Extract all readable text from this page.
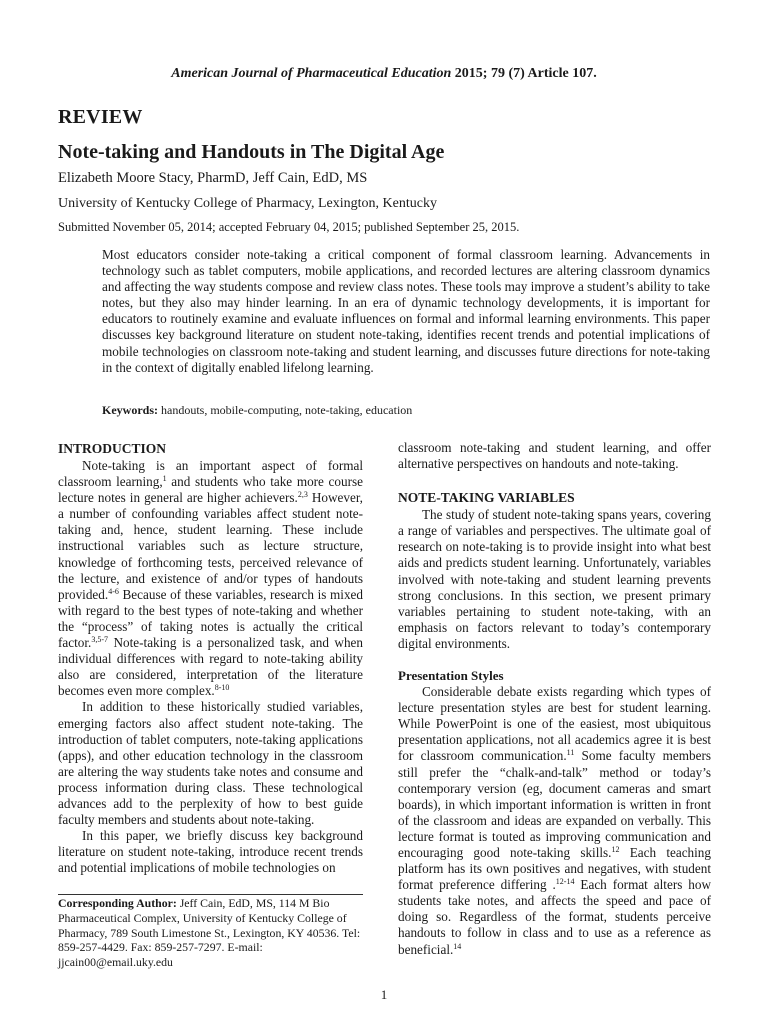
American Journal of Pharmaceutical Education 2015; 79 (7) Article 107.
REVIEW
Note-taking and Handouts in The Digital Age
Elizabeth Moore Stacy, PharmD, Jeff Cain, EdD, MS
University of Kentucky College of Pharmacy, Lexington, Kentucky
Submitted November 05, 2014; accepted February 04, 2015; published September 25, 2015.
Most educators consider note-taking a critical component of formal classroom learning. Advancements in technology such as tablet computers, mobile applications, and recorded lectures are altering classroom dynamics and affecting the way students compose and review class notes. These tools may improve a student’s ability to take notes, but they also may hinder learning. In an era of dynamic technology developments, it is important for educators to routinely examine and evaluate influences on formal and informal learning environments. This paper discusses key background literature on student note-taking, identifies recent trends and potential implications of mobile technologies on classroom note-taking and student learning, and discusses future directions for note-taking in the context of digitally enabled lifelong learning.
Keywords: handouts, mobile-computing, note-taking, education
INTRODUCTION

Note-taking is an important aspect of formal classroom learning,$^1$ and students who take more course lecture notes in general are higher achievers.$^{2,3}$ However, a number of confounding variables affect student note-taking and, hence, student learning. These include instructional variables such as lecture structure, knowledge of forthcoming tests, perceived relevance of the lecture, and existence of and/or types of handouts provided.$^{4-6}$ Because of these variables, research is mixed with regard to the best types of note-taking and whether the “process” of taking notes is actually the critical factor.$^{3,5-7}$ Note-taking is a personalized task, and when individual differences with regard to note-taking ability also are considered, interpretation of the literature becomes even more complex.$^{8-10}$

In addition to these historically studied variables, emerging factors also affect student note-taking. The introduction of tablet computers, note-taking applications (apps), and other education technology in the classroom are altering the way students take notes and consume and process information during class. These technological advances add to the perplexity of how to best guide faculty members and students about note-taking.

In this paper, we briefly discuss key background literature on student note-taking, introduce recent trends and potential implications of mobile technologies on

Corresponding Author: Jeff Cain, EdD, MS, 114 M Bio Pharmaceutical Complex, University of Kentucky College of Pharmacy, 789 South Limestone St., Lexington, KY 40536. Tel: 859-257-4429. Fax: 859-257-7297. E-mail: jjcain00@email.uky.edu

classroom note-taking and student learning, and offer alternative perspectives on handouts and note-taking.

NOTE-TAKING VARIABLES

The study of student note-taking spans years, covering a range of variables and perspectives. The ultimate goal of research on note-taking is to provide insight into what best aids and predicts student learning. Unfortunately, variables involved with note-taking and student learning prevents strong conclusions. In this section, we present primary variables pertaining to student note-taking, with an emphasis on factors relevant to today’s contemporary digital environments.

Presentation Styles

Considerable debate exists regarding which types of lecture presentation styles are best for student learning. While PowerPoint is one of the easiest, most ubiquitous presentation applications, not all academics agree it is best for classroom communication.$^{11}$ Some faculty members still prefer the “chalk-and-talk” method or today’s contemporary version (eg, document cameras and smart boards), in which important information is written in front of the classroom and ideas are expanded on verbally. This lecture format is touted as improving communication and encouraging good note-taking skills.$^{12}$ Each teaching platform has its own positives and negatives, with student format preference differing .$^{12-14}$ Each format alters how students take notes, and affects the speed and pace of doing so. Regardless of the format, students perceive handouts to follow in class and to use as a reference as beneficial.$^{14}$

1
